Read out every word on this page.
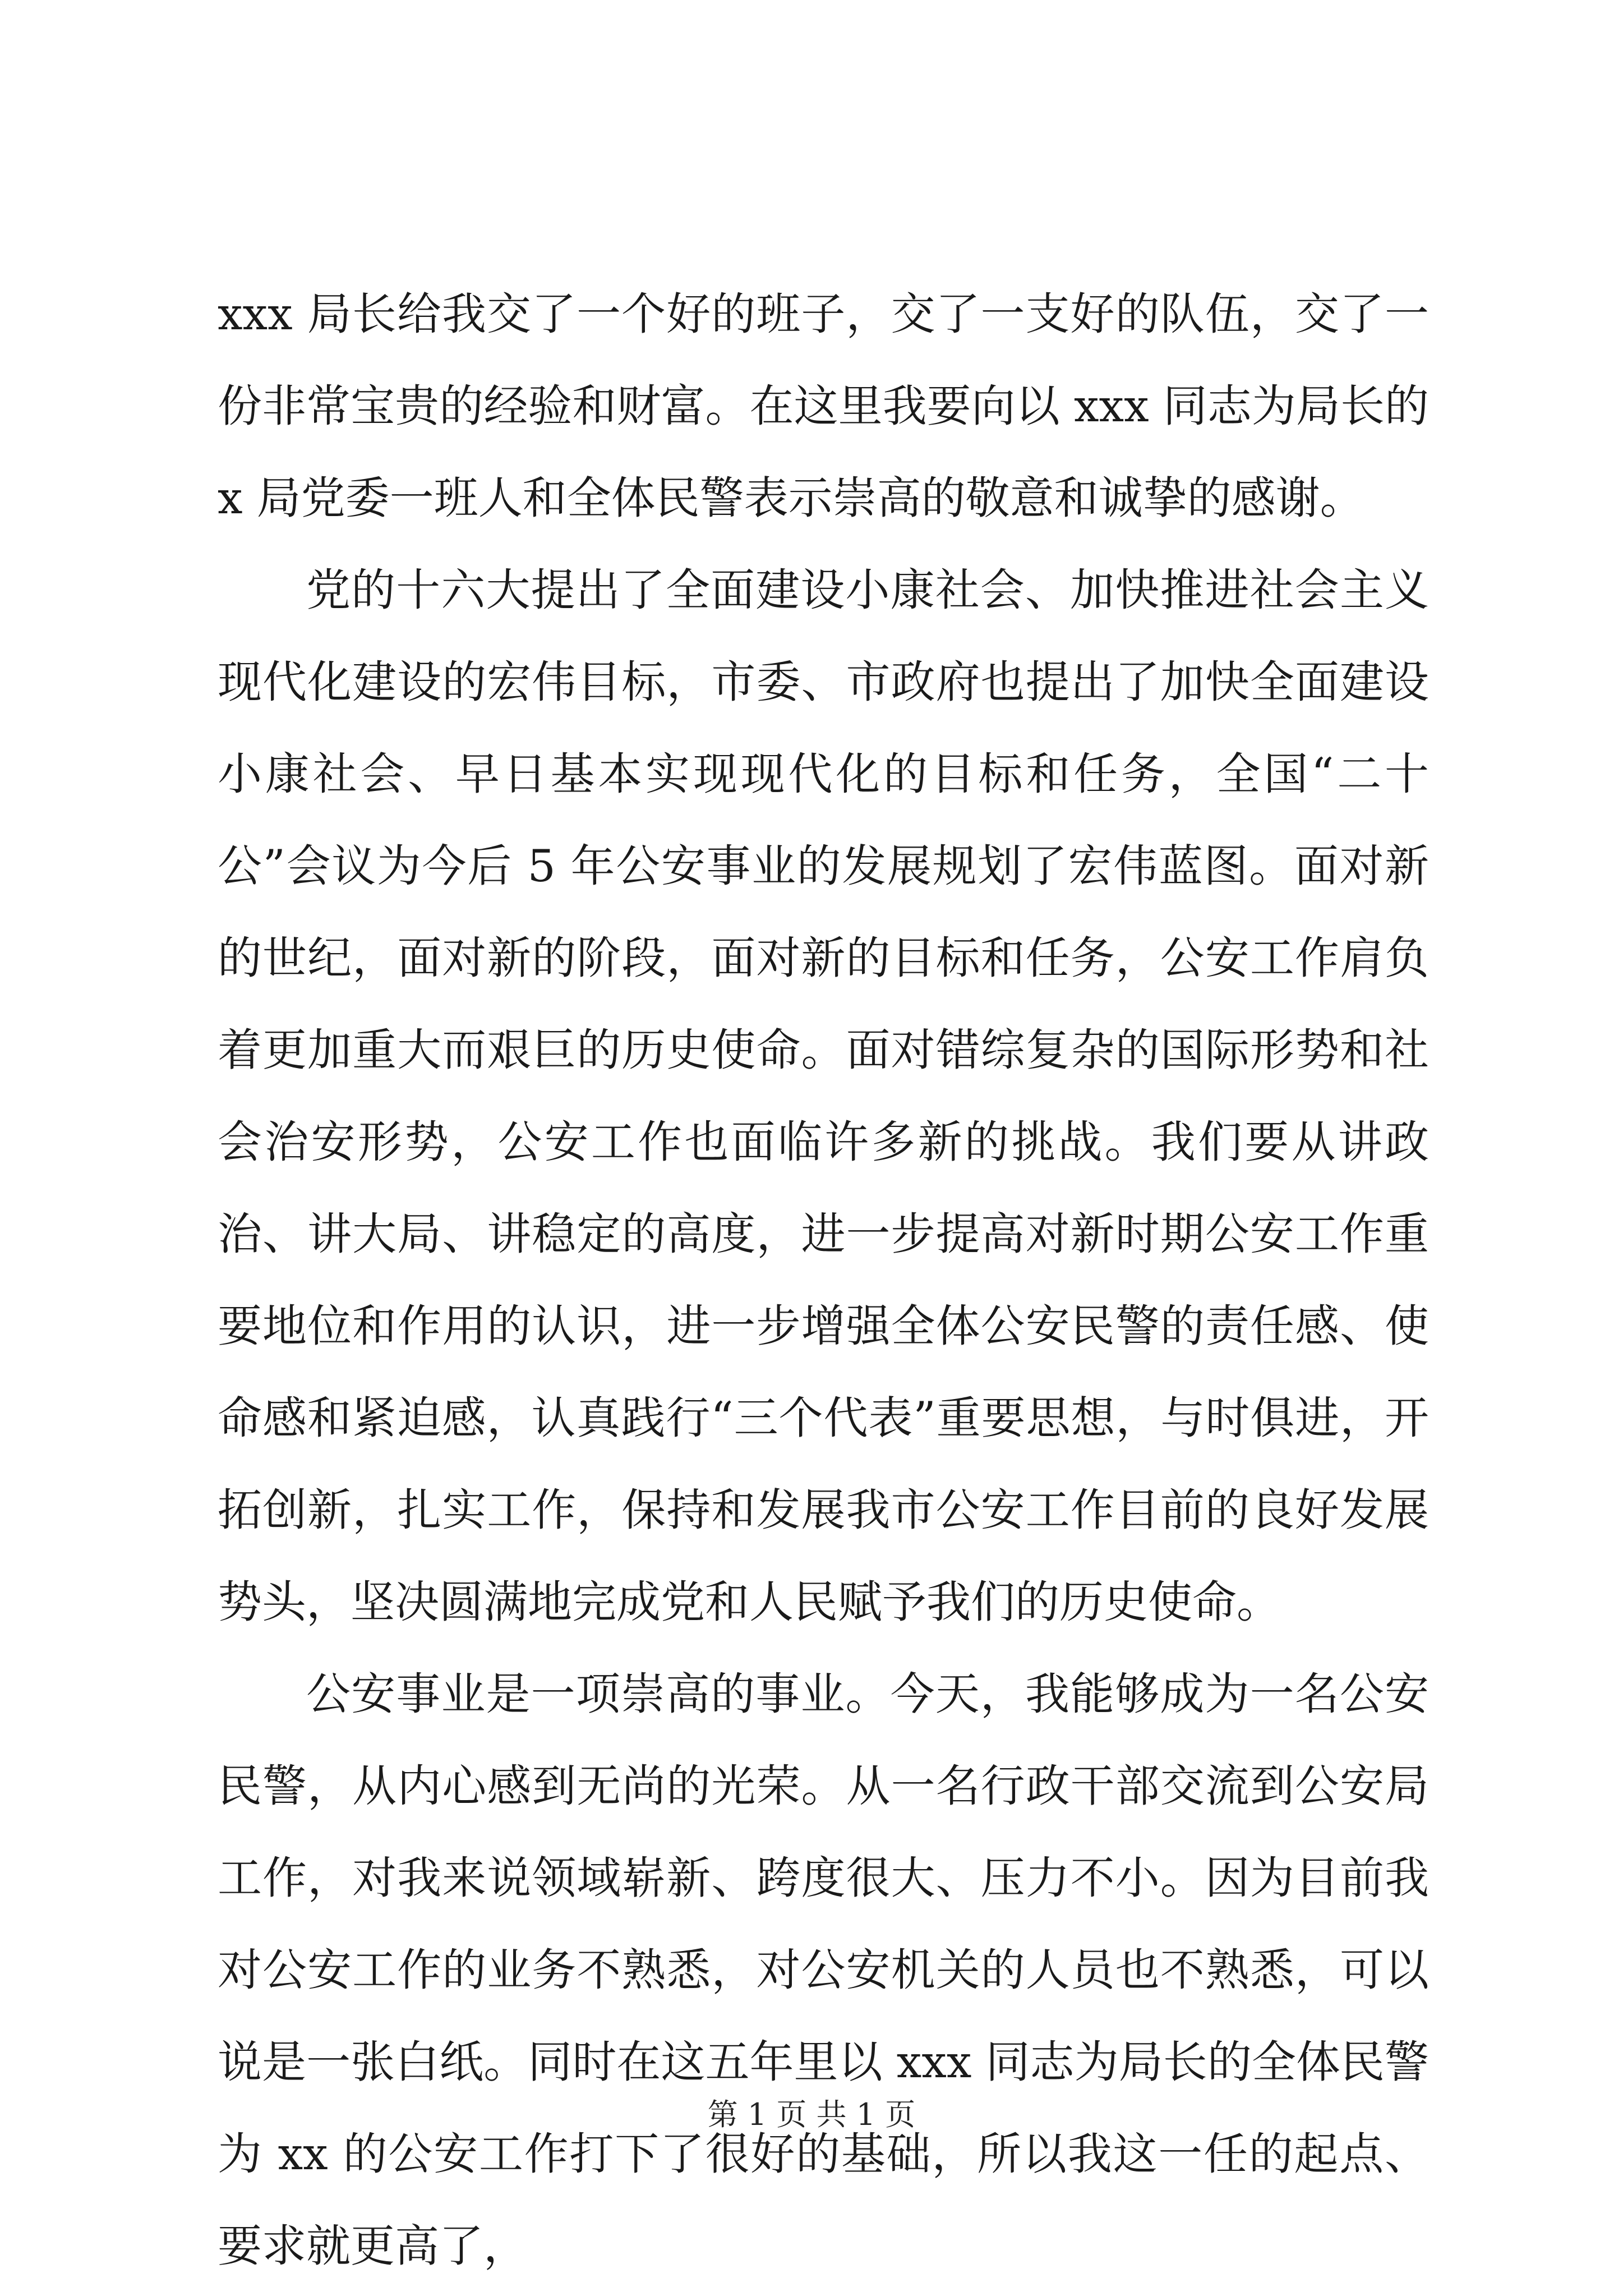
xxx 局长给我交了一个好的班子，交了一支好的队伍，交了一份非常宝贵的经验和财富。在这里我要向以 xxx 同志为局长的 x 局党委一班人和全体民警表示崇高的敬意和诚挚的感谢。

党的十六大提出了全面建设小康社会、加快推进社会主义现代化建设的宏伟目标，市委、市政府也提出了加快全面建设小康社会、早日基本实现现代化的目标和任务，全国“二十公”会议为今后 5 年公安事业的发展规划了宏伟蓝图。面对新的世纪，面对新的阶段，面对新的目标和任务，公安工作肩负着更加重大而艰巨的历史使命。面对错综复杂的国际形势和社会治安形势，公安工作也面临许多新的挑战。我们要从讲政治、讲大局、讲稳定的高度，进一步提高对新时期公安工作重要地位和作用的认识，进一步增强全体公安民警的责任感、使命感和紧迫感，认真践行“三个代表”重要思想，与时俱进，开拓创新，扎实工作，保持和发展我市公安工作目前的良好发展势头，坚决圆满地完成党和人民赋予我们的历史使命。

公安事业是一项崇高的事业。今天，我能够成为一名公安民警，从内心感到无尚的光荣。从一名行政干部交流到公安局工作，对我来说领域崭新、跨度很大、压力不小。因为目前我对公安工作的业务不熟悉，对公安机关的人员也不熟悉，可以说是一张白纸。同时在这五年里以 xxx 同志为局长的全体民警为 xx 的公安工作打下了很好的基础，所以我这一任的起点、要求就更高了，

第 1 页 共 1 页
